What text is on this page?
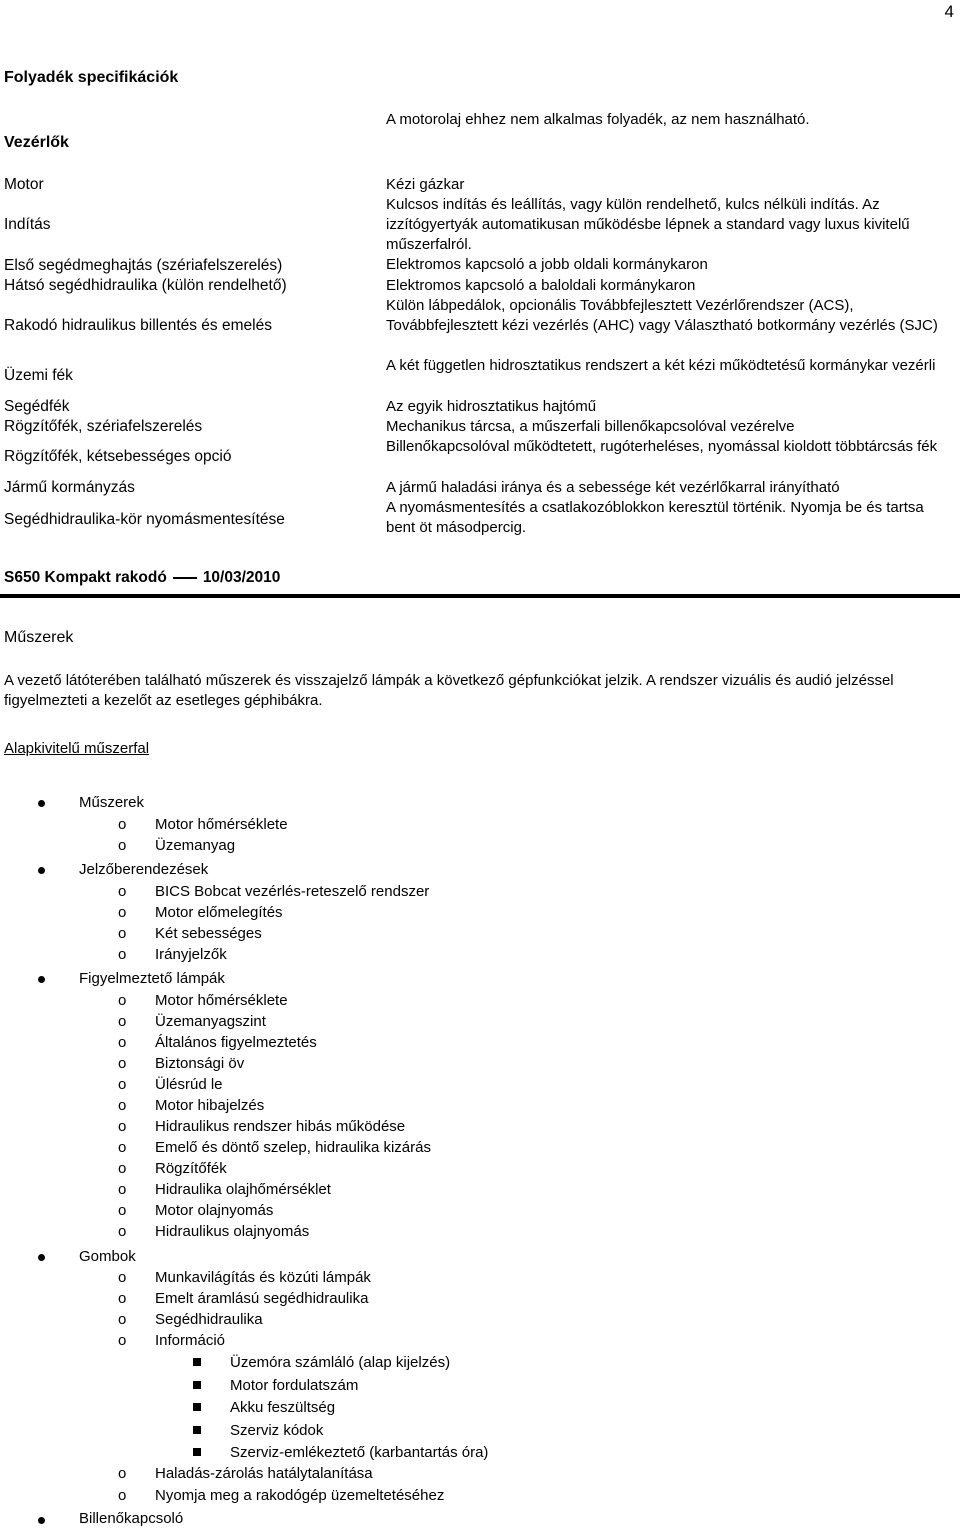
4
Folyadék specifikációk
A motorolaj ehhez nem alkalmas folyadék, az nem használható.
Vezérlők
Motor
Indítás
Első segédmeghajtás (szériafelszerelés)
Hátsó segédhidraulika (külön rendelhető)
Rakodó hidraulikus billentés és emelés
Üzemi fék
Segédfék
Rögzítőfék, szériafelszerelés
Rögzítőfék, kétsebességes opció
Jármű kormányzás
Segédhidraulika-kör nyomásmentesítése
Kézi gázkar
Kulcsos indítás és leállítás, vagy külön rendelhető, kulcs nélküli indítás. Az izzítógyertyák automatikusan működésbe lépnek a standard vagy luxus kivitelű műszerfalról.
Elektromos kapcsoló a jobb oldali kormánykaron
Elektromos kapcsoló a baloldali kormánykaron
Külön lábpedálok, opcionális Továbbfejlesztett Vezérlőrendszer (ACS), Továbbfejlesztett kézi vezérlés (AHC) vagy Választható botkormány vezérlés (SJC)
A két független hidrosztatikus rendszert a két kézi működtetésű kormánykar vezérli
Az egyik hidrosztatikus hajtómű
Mechanikus tárcsa, a műszerfali billenőkapcsolóval vezérelve
Billenőkapcsolóval működtetett, rugóterheléses, nyomással kioldott többtárcsás fék
A jármű haladási iránya és a sebessége két vezérlőkarral irányítható
A nyomásmentesítés a csatlakozóblokkon keresztül történik. Nyomja be és tartsa bent öt másodpercig.
S650 Kompakt rakodó 10/03/2010
Műszerek
A vezető látóterében található műszerek és visszajelző lámpák a következő gépfunkciókat jelzik. A rendszer vizuális és audió jelzéssel figyelmezteti a kezelőt az esetleges géphibákra.
Alapkivitelű műszerfal
Műszerek
o Motor hőmérséklete
o Üzemanyag
Jelzőberendezések
o BICS Bobcat vezérlés-reteszelő rendszer
o Motor előmelegítés
o Két sebességes
o Irányjelzők
Figyelmeztető lámpák
o Motor hőmérséklete
o Üzemanyagszint
o Általános figyelmeztetés
o Biztonsági öv
o Ülésrúd le
o Motor hibajelzés
o Hidraulikus rendszer hibás működése
o Emelő és döntő szelep, hidraulika kizárás
o Rögzítőfék
o Hidraulika olajhőmérséklet
o Motor olajnyomás
o Hidraulikus olajnyomás
Gombok
o Munkavilágítás és közúti lámpák
o Emelt áramlású segédhidraulika
o Segédhidraulika
o Információ
Üzemóra számláló (alap kijelzés)
Motor fordulatszám
Akku feszültség
Szerviz kódok
Szerviz-emlékeztető (karbantartás óra)
o Haladás-zárolás hatálytalanítása
o Nyomja meg a rakodógép üzemeltetéséhez
Billenőkapcsoló
